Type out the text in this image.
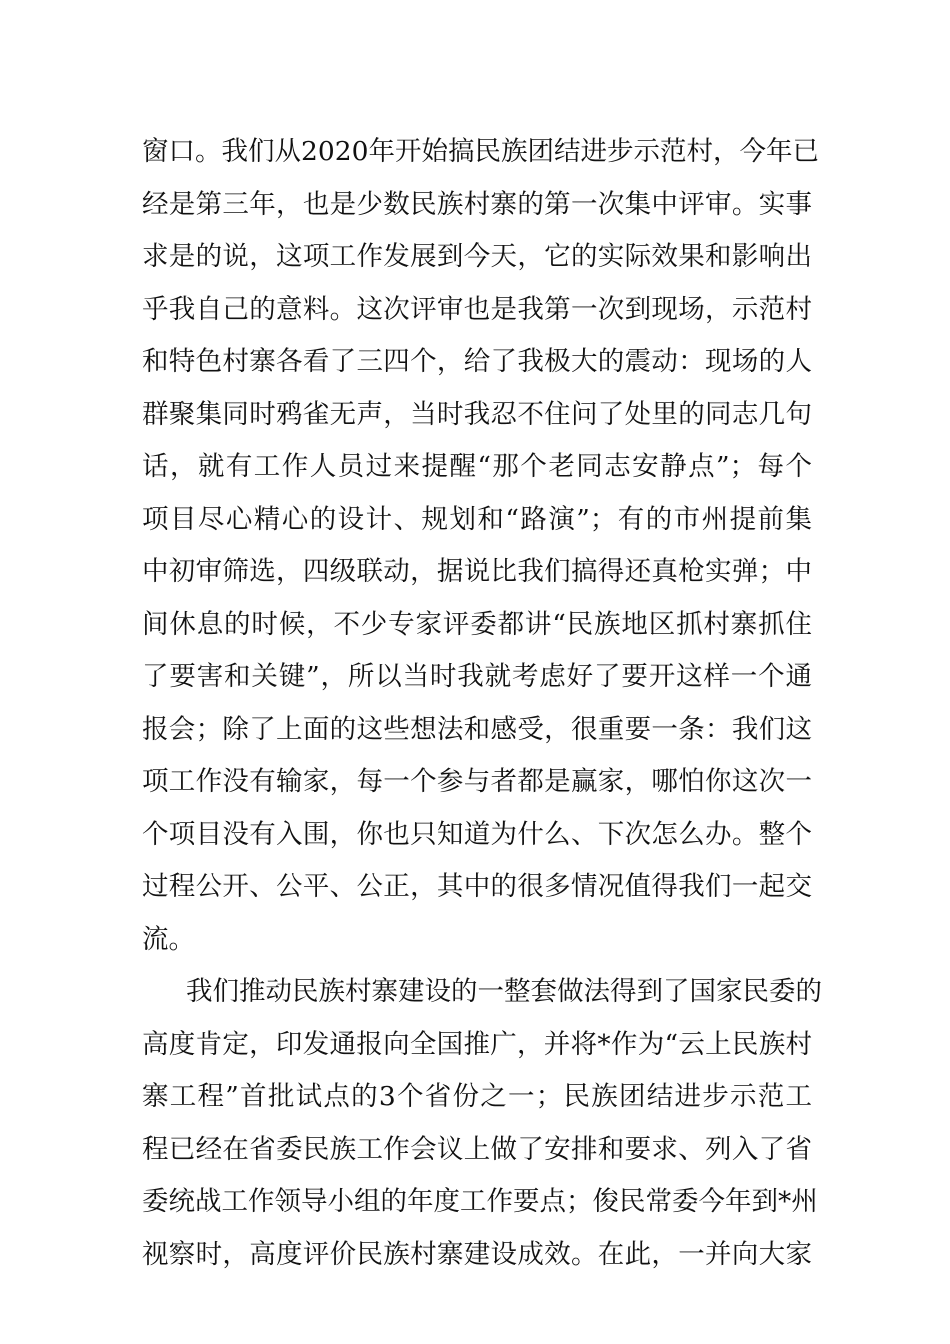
窗口。我们从2020年开始搞民族团结进步示范村，今年已
经是第三年，也是少数民族村寨的第一次集中评审。实事
求是的说，这项工作发展到今天，它的实际效果和影响出
乎我自己的意料。这次评审也是我第一次到现场，示范村
和特色村寨各看了三四个，给了我极大的震动：现场的人
群聚集同时鸦雀无声，当时我忍不住问了处里的同志几句
话，就有工作人员过来提醒“那个老同志安静点”；每个
项目尽心精心的设计、规划和“路演”；有的市州提前集
中初审筛选，四级联动，据说比我们搞得还真枪实弹；中
间休息的时候，不少专家评委都讲“民族地区抓村寨抓住
了要害和关键”，所以当时我就考虑好了要开这样一个通
报会；除了上面的这些想法和感受，很重要一条：我们这
项工作没有输家，每一个参与者都是赢家，哪怕你这次一
个项目没有入围，你也只知道为什么、下次怎么办。整个
过程公开、公平、公正，其中的很多情况值得我们一起交
流。
我们推动民族村寨建设的一整套做法得到了国家民委的
高度肯定，印发通报向全国推广，并将*作为“云上民族村
寨工程”首批试点的3个省份之一；民族团结进步示范工
程已经在省委民族工作会议上做了安排和要求、列入了省
委统战工作领导小组的年度工作要点；俊民常委今年到*州
视察时，高度评价民族村寨建设成效。在此，一并向大家
